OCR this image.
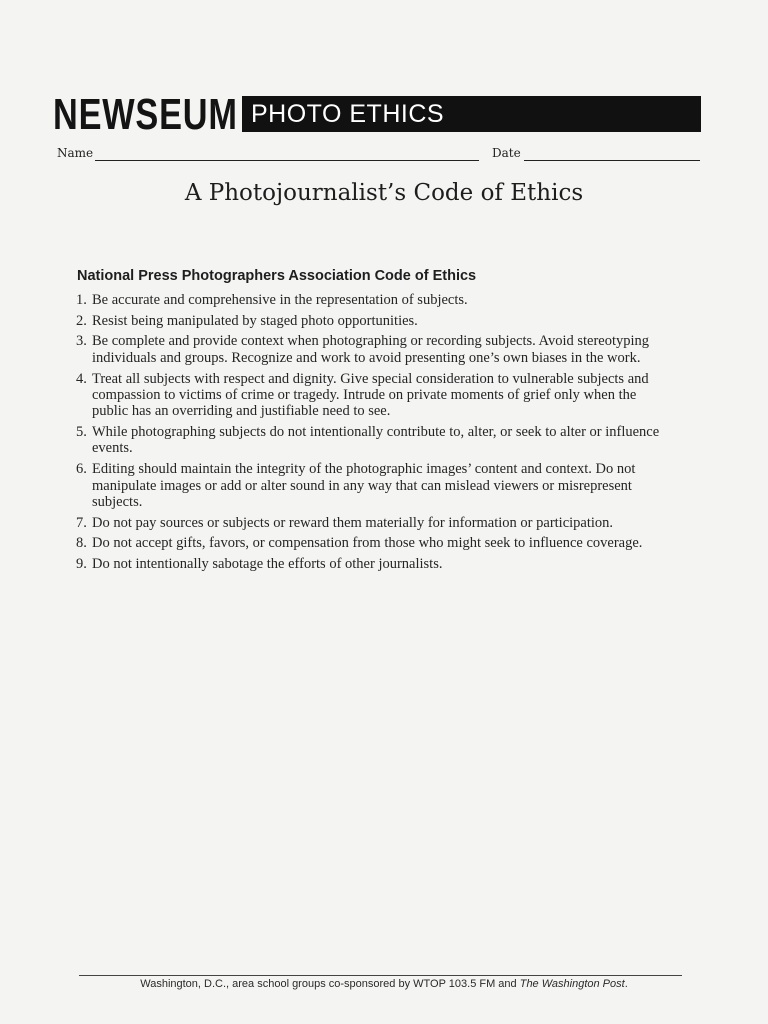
NEWSEUM PHOTO ETHICS
Name	Date
A Photojournalist’s Code of Ethics
National Press Photographers Association Code of Ethics
1. Be accurate and comprehensive in the representation of subjects.
2. Resist being manipulated by staged photo opportunities.
3. Be complete and provide context when photographing or recording subjects. Avoid stereotyping individuals and groups. Recognize and work to avoid presenting one’s own biases in the work.
4. Treat all subjects with respect and dignity. Give special consideration to vulnerable subjects and compassion to victims of crime or tragedy. Intrude on private moments of grief only when the public has an overriding and justifiable need to see.
5. While photographing subjects do not intentionally contribute to, alter, or seek to alter or influence events.
6. Editing should maintain the integrity of the photographic images’ content and context. Do not manipulate images or add or alter sound in any way that can mislead viewers or misrepresent subjects.
7. Do not pay sources or subjects or reward them materially for information or participation.
8. Do not accept gifts, favors, or compensation from those who might seek to influence coverage.
9. Do not intentionally sabotage the efforts of other journalists.
Washington, D.C., area school groups co-sponsored by WTOP 103.5 FM and The Washington Post.
